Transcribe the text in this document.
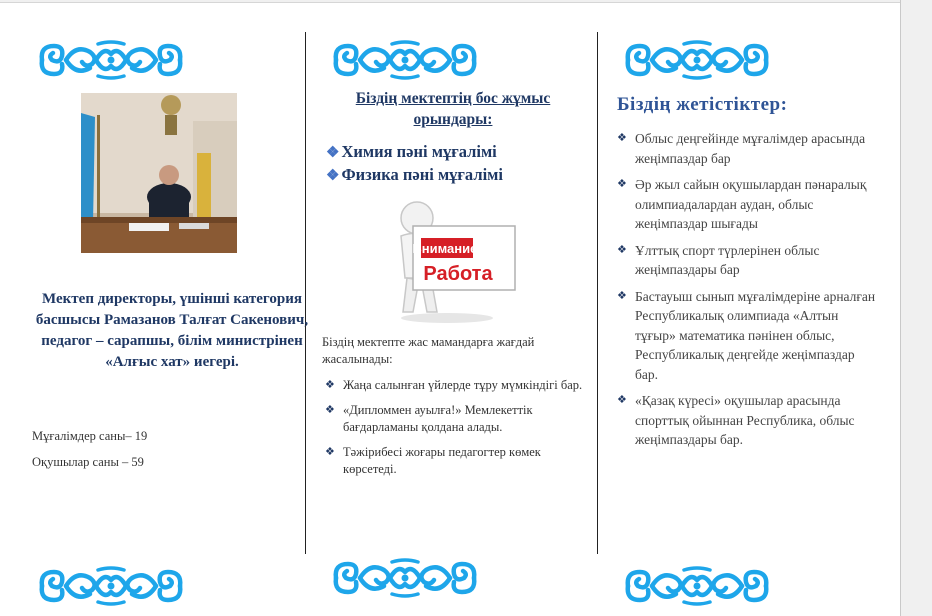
Мектеп директоры, үшінші категория басшысы Рамазанов Талғат Сакенович, педагог – сарапшы, білім министрінен «Алғыс хат» иегері.
Мұғалімдер саны– 19
Оқушылар саны – 59
Біздің мектептің бос жұмыс орындары:
❖ Химия пәні мұғалімі
❖ Физика пәні мұғалімі
Внимание!
Работа
Біздің мектепте жас мамандарға жағдай жасалынады:
❖ Жаңа салынған үйлерде тұру мүмкіндігі бар.
❖ «Дипломмен ауылға!» Мемлекеттік бағдарламаны қолдана алады.
❖ Тәжірибесі жоғары педагогтер көмек көрсетеді.
Біздің жетістіктер:
❖ Облыс деңгейінде мұғалімдер арасында жеңімпаздар бар
❖ Әр жыл сайын оқушылардан пәнаралық олимпиадалардан аудан, облыс жеңімпаздар шығады
❖ Ұлттық спорт түрлерінен облыс жеңімпаздары бар
❖ Бастауыш сынып мұғалімдеріне арналған Республикалық олимпиада «Алтын тұғыр» математика пәнінен облыс, Республикалық деңгейде жеңімпаздар бар.
❖ «Қазақ күресі» оқушылар арасында спорттық ойыннан Республика, облыс жеңімпаздары бар.
